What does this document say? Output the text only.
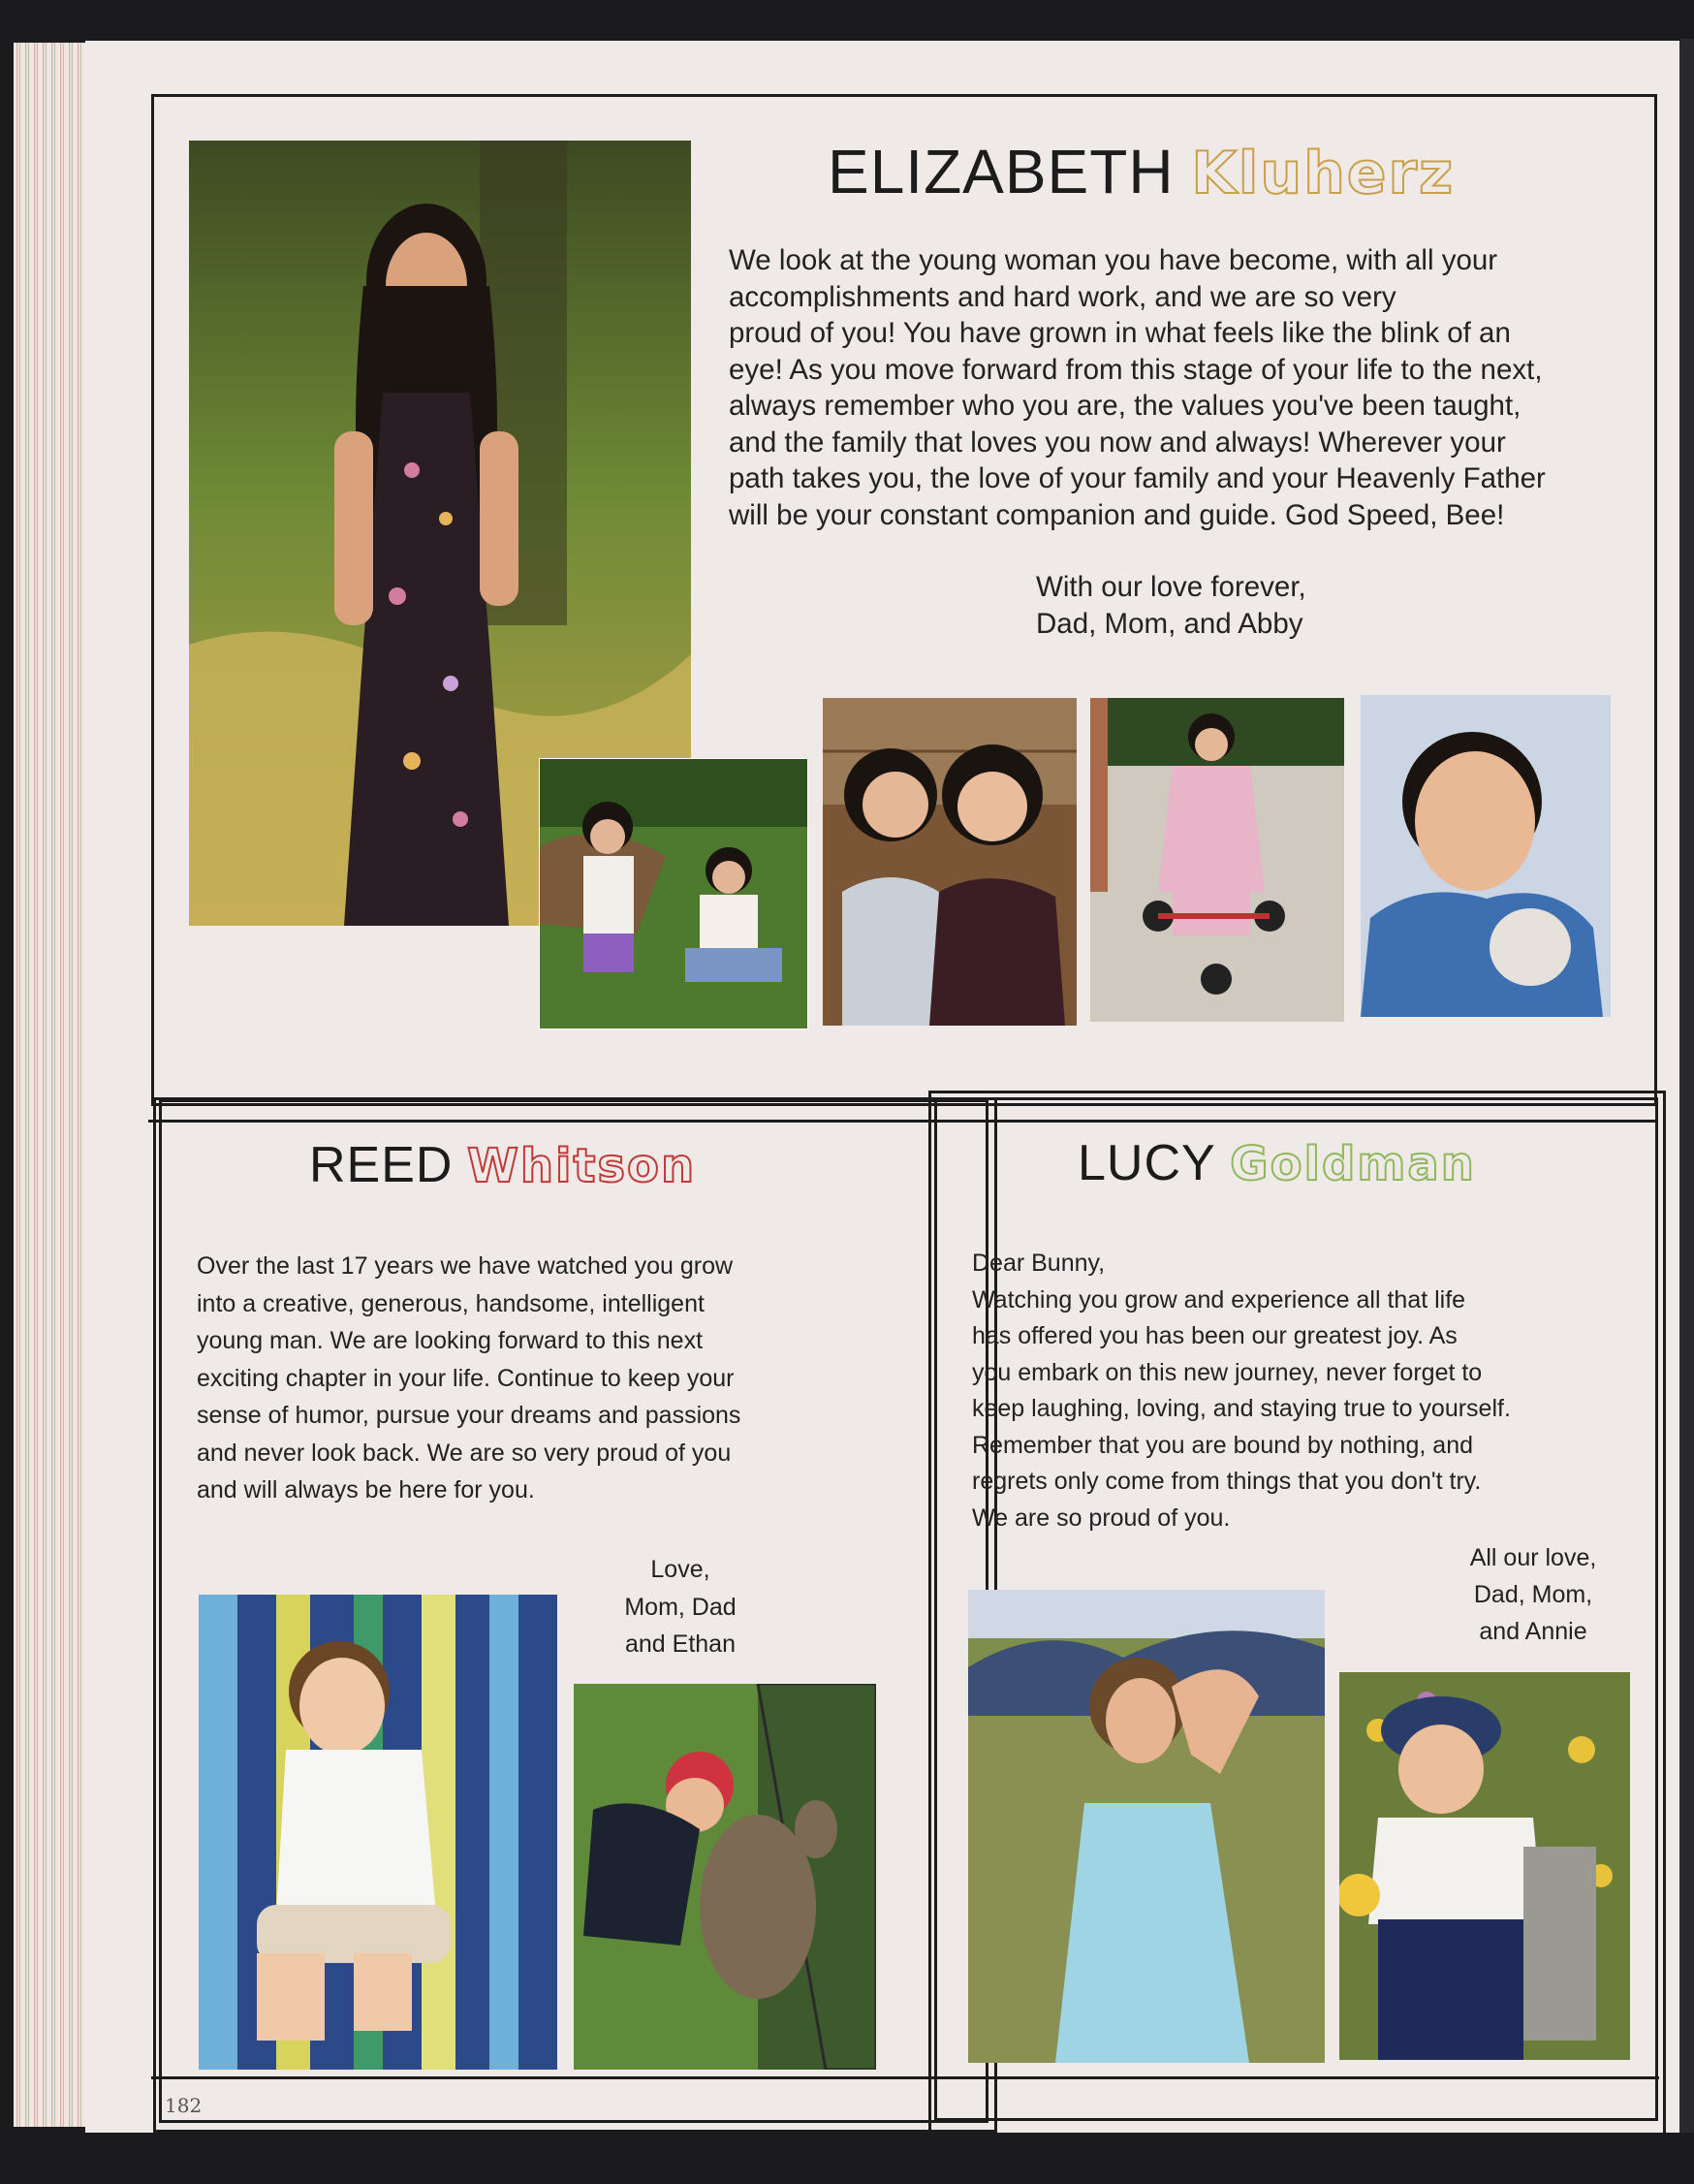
ELIZABETH Kluherz
We look at the young woman you have become, with all your
accomplishments and hard work, and we are so very
proud of you! You have grown in what feels like the blink of an
eye! As you move forward from this stage of your life to the next,
always remember who you are, the values you've been taught,
and the family that loves you now and always! Wherever your
path takes you, the love of your family and your Heavenly Father
will be your constant companion and guide. God Speed, Bee!
With our love forever,
Dad, Mom, and Abby
REED Whitson
Over the last 17 years we have watched you grow
into a creative, generous, handsome, intelligent
young man. We are looking forward to this next
exciting chapter in your life. Continue to keep your
sense of humor, pursue your dreams and passions
and never look back. We are so very proud of you
and will always be here for you.
Love,
Mom, Dad
and Ethan
LUCY Goldman
Dear Bunny,
Watching you grow and experience all that life
has offered you has been our greatest joy. As
you embark on this new journey, never forget to
keep laughing, loving, and staying true to yourself.
Remember that you are bound by nothing, and
regrets only come from things that you don't try.
We are so proud of you.
All our love,
Dad, Mom,
and Annie
182
